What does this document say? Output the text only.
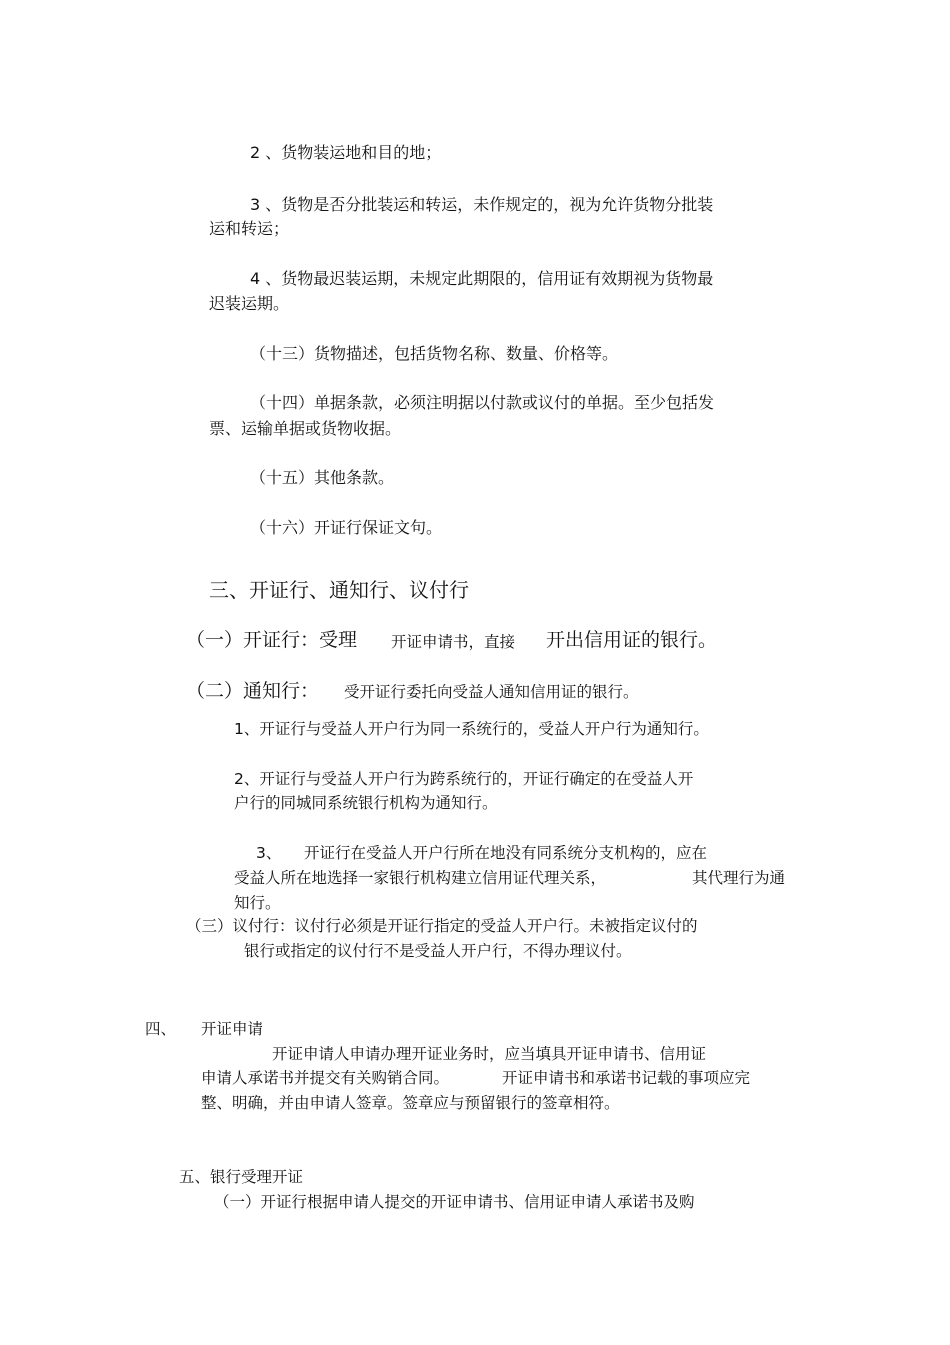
2 、货物装运地和目的地；

3 、货物是否分批装运和转运，未作规定的，视为允许货物分批装

运和转运；

4 、货物最迟装运期，未规定此期限的，信用证有效期视为货物最

迟装运期。

（十三）货物描述，包括货物名称、数量、价格等。

（十四）单据条款，必须注明据以付款或议付的单据。至少包括发

票、运输单据或货物收据。

（十五）其他条款。

（十六）开证行保证文句。

三、开证行、通知行、议付行

（一）开证行：受理 开证申请书，直接 开出信用证的银行。

（二）通知行： 受开证行委托向受益人通知信用证的银行。

1、开证行与受益人开户行为同一系统行的，受益人开户行为通知行。

2、开证行与受益人开户行为跨系统行的，开证行确定的在受益人开

户行的同城同系统银行机构为通知行。

3、 开证行在受益人开户行所在地没有同系统分支机构的，应在

受益人所在地选择一家银行机构建立信用证代理关系，	其代理行为通

知行。

（三）议付行：议付行必须是开证行指定的受益人开户行。未被指定议付的

银行或指定的议付行不是受益人开户行，不得办理议付。

四、 开证申请

开证申请人申请办理开证业务时，应当填具开证申请书、信用证

申请人承诺书并提交有关购销合同。	开证申请书和承诺书记载的事项应完

整、明确，并由申请人签章。签章应与预留银行的签章相符。

五、银行受理开证

（一）开证行根据申请人提交的开证申请书、信用证申请人承诺书及购
